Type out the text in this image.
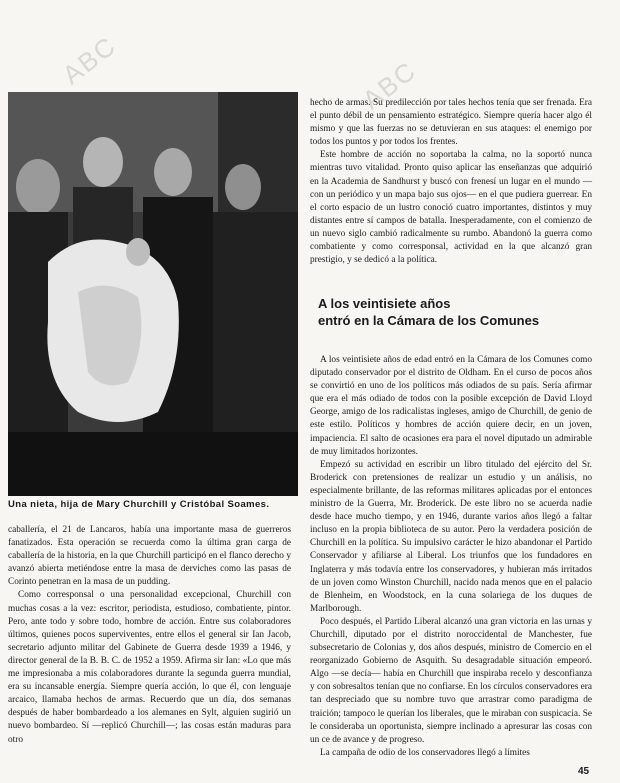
ABC	ABC
Una nieta, hija de Mary Churchill y Cristóbal Soames.

hecho de armas. Su predilección por tales hechos tenía que ser frenada. Era el punto débil de un pensamiento estratégico. Siempre quería hacer algo él mismo y que las fuerzas no se detuvieran en sus ataques: el enemigo por todos los puntos y por todos los frentes.

Este hombre de acción no soportaba la calma, no la soportó nunca mientras tuvo vitalidad. Pronto quiso aplicar las enseñanzas que adquirió en la Academia de Sandhurst y buscó con frenesí un lugar en el mundo —con un periódico y un mapa bajo sus ojos— en el que pudiera guerrear. En el corto espacio de un lustro conoció cuatro importantes, distintos y muy distantes entre sí campos de batalla. Inesperadamente, con el comienzo de un nuevo siglo cambió radicalmente su rumbo. Abandonó la guerra como combatiente y como corresponsal, actividad en la que alcanzó gran prestigio, y se dedicó a la política.

A los veintisiete años
entró en la Cámara de los Comunes

A los veintisiete años de edad entró en la Cámara de los Comunes como diputado conservador por el distrito de Oldham. En el curso de pocos años se convirtió en uno de los políticos más odiados de su país. Sería afirmar que era el más odiado de todos con la posible excepción de David Lloyd George, amigo de los radicalistas ingleses, amigo de Churchill, de genio de este estilo. Políticos y hombres de acción quiere decir, en un joven, impaciencia. El salto de ocasiones era para el novel diputado un admirable de muy limitados horizontes.

Empezó su actividad en escribir un libro titulado del ejército del Sr. Broderick con pretensiones de realizar un estudio y un análisis, no especialmente brillante, de las reformas militares aplicadas por el entonces ministro de la Guerra, Mr. Broderick. De este libro no se acuerda nadie desde hace mucho tiempo, y en 1946, durante varios años llegó a faltar incluso en la propia biblioteca de su autor. Pero la verdadera posición de Churchill en la política. Su impulsivo carácter le hizo abandonar el Partido Conservador y afiliarse al Liberal. Los triunfos que los fundadores en Inglaterra y más todavía entre los conservadores, y hubieran más irritados de un joven como Winston Churchill, nacido nada menos que en el palacio de Blenheim, en Woodstock, en la cuna solariega de los duques de Marlborough.

Poco después, el Partido Liberal alcanzó una gran victoria en las urnas y Churchill, diputado por el distrito noroccidental de Manchester, fue subsecretario de Colonias y, dos años después, ministro de Comercio en el reorganizado Gobierno de Asquith. Su desagradable situación empeoró. Algo —se decía— había en Churchill que inspiraba recelo y desconfianza y con sobresaltos tenían que no confiarse. En los círculos conservadores era tan despreciado que su nombre tuvo que arrastrar como paradigma de traición; tampoco le querían los liberales, que le miraban con suspicacia. Se le consideraba un oportunista, siempre inclinado a apresurar las cosas con un ce de avance y de progreso.

La campaña de odio de los conservadores llegó a límites

caballería, el 21 de Lancaros, había una importante masa de guerreros fanatizados. Esta operación se recuerda como la última gran carga de caballería de la historia, en la que Churchill participó en el flanco derecho y avanzó abierta metiéndose entre la masa de derviches como las pasas de Corinto penetran en la masa de un pudding.

Como corresponsal o una personalidad excepcional, Churchill con muchas cosas a la vez: escritor, periodista, estudioso, combatiente, pintor. Pero, ante todo y sobre todo, hombre de acción. Entre sus colaboradores últimos, quienes pocos superviventes, entre ellos el general sir Ian Jacob, secretario adjunto militar del Gabinete de Guerra desde 1939 a 1946, y director general de la B. B. C. de 1952 a 1959. Afirma sir Ian: «Lo que más me impresionaba a mis colaboradores durante la segunda guerra mundial, era su incansable energía. Siempre quería acción, lo que él, con lenguaje arcaico, llamaba hechos de armas. Recuerdo que un día, dos semanas después de haber bombardeado a los alemanes en Sylt, alguien sugirió un nuevo bombardeo. Sí —replicó Churchill—; las cosas están maduras para otro

45
